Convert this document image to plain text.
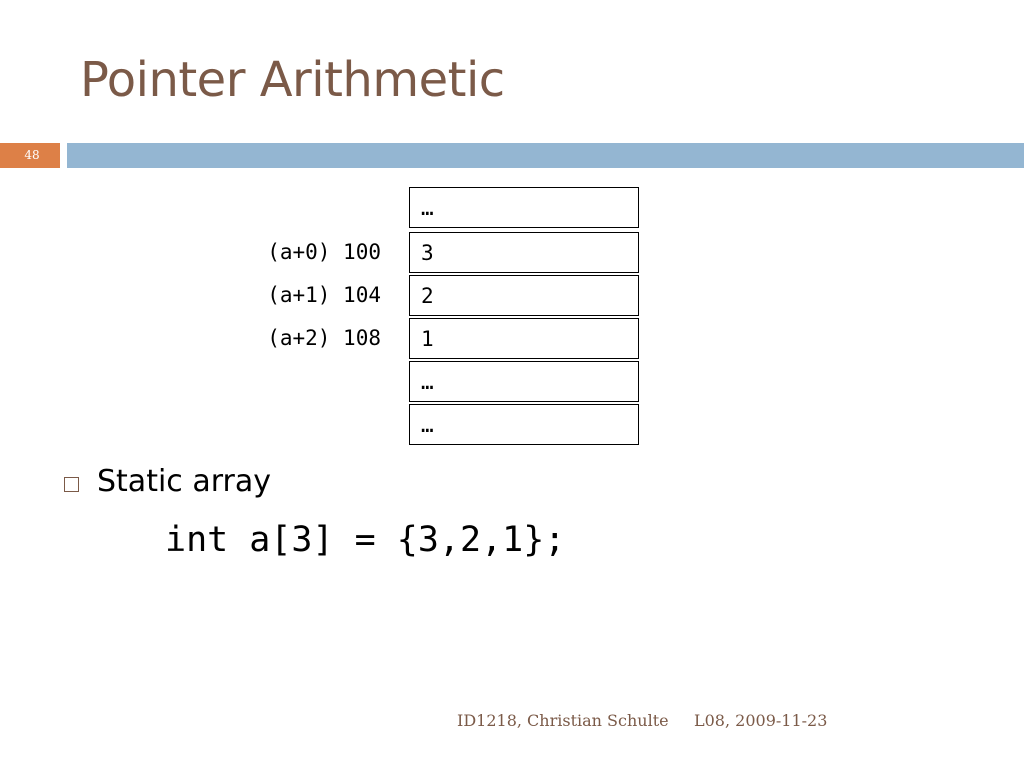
Pointer Arithmetic
48
(a+0) 100
(a+1) 104
(a+2) 108
…
3
2
1
…
…
Static array
int a[3] = {3,2,1};
ID1218, Christian Schulte L08, 2009-11-23
